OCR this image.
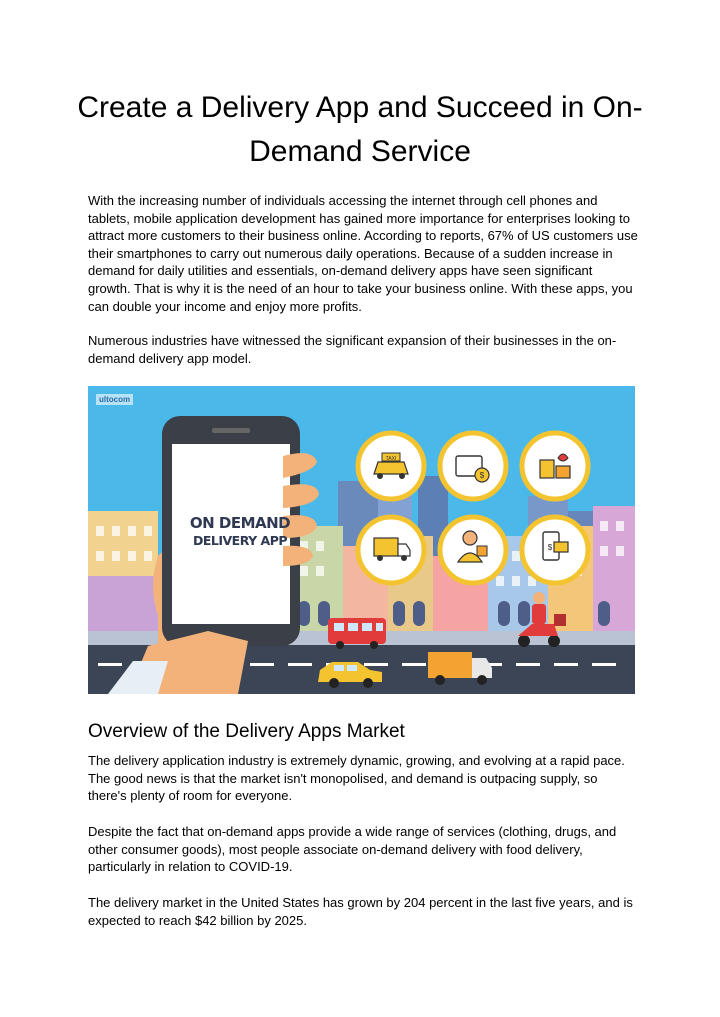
Create a Delivery App and Succeed in On-Demand Service

With the increasing number of individuals accessing the internet through cell phones and tablets, mobile application development has gained more importance for enterprises looking to attract more customers to their business online. According to reports, 67% of US customers use their smartphones to carry out numerous daily operations. Because of a sudden increase in demand for daily utilities and essentials, on-demand delivery apps have seen significant growth. That is why it is the need of an hour to take your business online. With these apps, you can double your income and enjoy more profits.

Numerous industries have witnessed the significant expansion of their businesses in the on-demand delivery app model.

TAXI
$
$
ultocom
ON DEMAND
DELIVERY APP
Overview of the Delivery Apps Market

The delivery application industry is extremely dynamic, growing, and evolving at a rapid pace. The good news is that the market isn't monopolised, and demand is outpacing supply, so there's plenty of room for everyone.

Despite the fact that on-demand apps provide a wide range of services (clothing, drugs, and other consumer goods), most people associate on-demand delivery with food delivery, particularly in relation to COVID-19.

The delivery market in the United States has grown by 204 percent in the last five years, and is expected to reach $42 billion by 2025.
